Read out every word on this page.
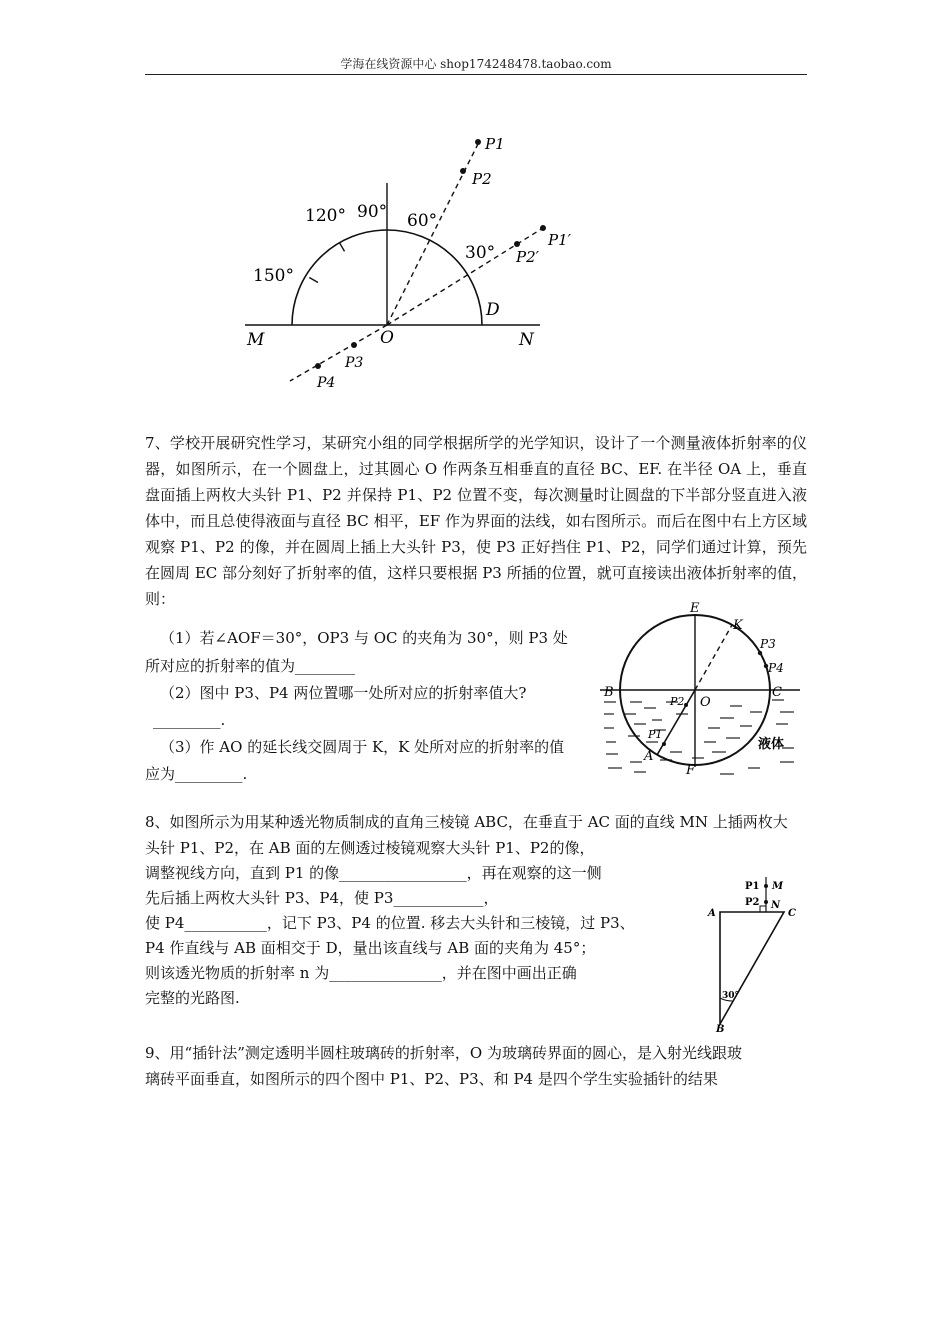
学海在线资源中心 shop174248478.taobao.com
120° 90° 60°
30°
150°
P1
P2
P1′
P2′
P3
P4
M	O	N
D
7、学校开展研究性学习，某研究小组的同学根据所学的光学知识，设计了一个测量液体折射率的仪器，如图所示，在一个圆盘上，过其圆心 O 作两条互相垂直的直径 BC、EF. 在半径 OA 上，垂直盘面插上两枚大头针 P1、P2 并保持 P1、P2 位置不变，每次测量时让圆盘的下半部分竖直进入液体中，而且总使得液面与直径 BC 相平，EF 作为界面的法线，如右图所示。而后在图中右上方区域观察 P1、P2 的像，并在圆周上插上大头针 P3，使 P3 正好挡住 P1、P2，同学们通过计算，预先在圆周 EC 部分刻好了折射率的值，这样只要根据 P3 所插的位置，就可直接读出液体折射率的值，则：
（1）若∠AOF＝30°，OP3 与 OC 的夹角为 30°，则 P3 处
所对应的折射率的值为________
（2）图中 P3、P4 两位置哪一处所对应的折射率值大?
_________.
（3）作 AO 的延长线交圆周于 K，K 处所对应的折射率的值
应为_________.
E
K
P3
P4
B	C
O
P2
P1
A
F
液体
8、如图所示为用某种透光物质制成的直角三棱镜 ABC，在垂直于 AC 面的直线 MN 上插两枚大
头针 P1、P2，在 AB 面的左侧透过棱镜观察大头针 P1、P2的像，
调整视线方向，直到 P1 的像_________________，再在观察的这一侧
先后插上两枚大头针 P3、P4，使 P3____________，
使 P4___________，记下 P3、P4 的位置. 移去大头针和三棱镜，过 P3、
P4 作直线与 AB 面相交于 D，量出该直线与 AB 面的夹角为 45°；
则该透光物质的折射率 n 为_______________，并在图中画出正确
完整的光路图.
P1
P2
M
N
A	C
30°
B
9、用“插针法”测定透明半圆柱玻璃砖的折射率，O 为玻璃砖界面的圆心，是入射光线跟玻
璃砖平面垂直，如图所示的四个图中 P1、P2、P3、和 P4 是四个学生实验插针的结果
